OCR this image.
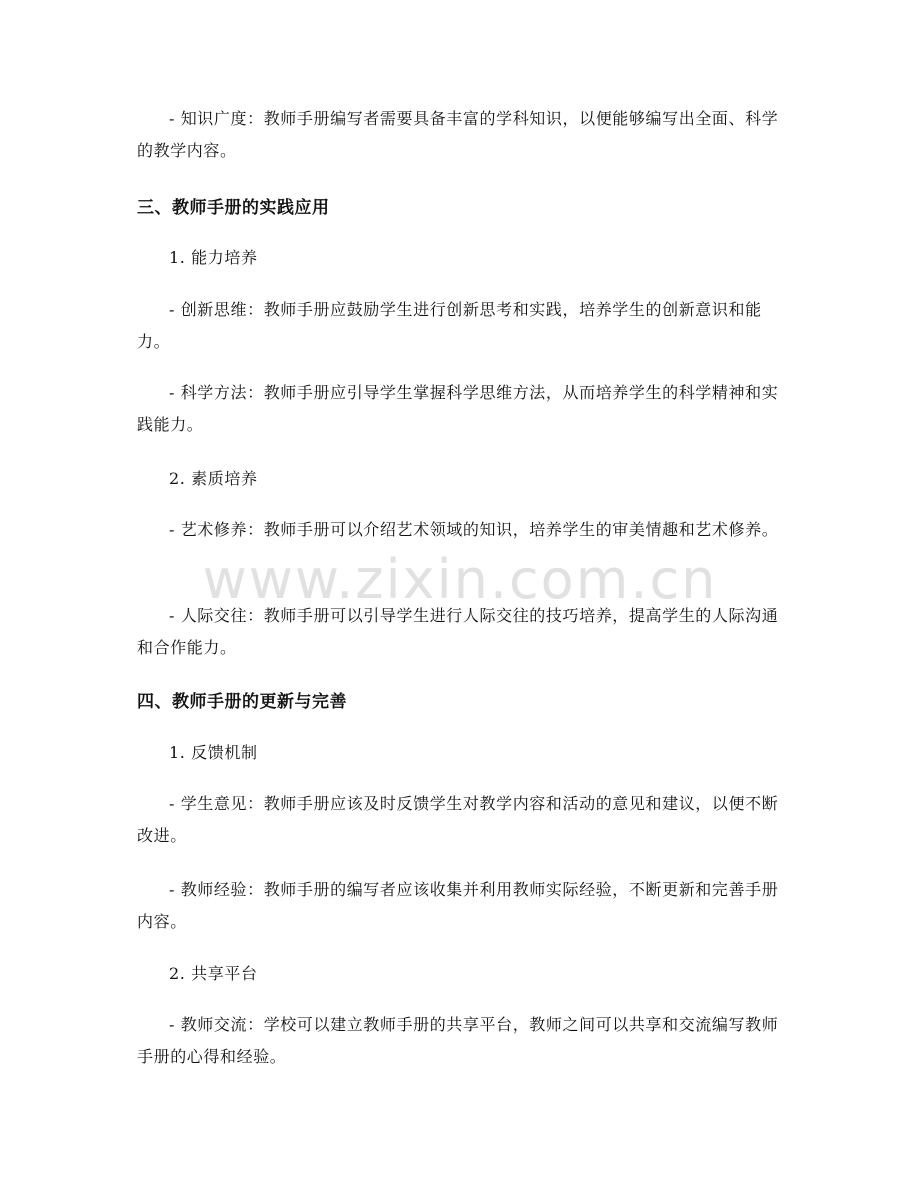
- 知识广度：教师手册编写者需要具备丰富的学科知识，以便能够编写出全面、科学的教学内容。

三、教师手册的实践应用

1. 能力培养

- 创新思维：教师手册应鼓励学生进行创新思考和实践，培养学生的创新意识和能力。

- 科学方法：教师手册应引导学生掌握科学思维方法，从而培养学生的科学精神和实践能力。

2. 素质培养

- 艺术修养：教师手册可以介绍艺术领域的知识，培养学生的审美情趣和艺术修养。

- 人际交往：教师手册可以引导学生进行人际交往的技巧培养，提高学生的人际沟通和合作能力。

四、教师手册的更新与完善

1. 反馈机制

- 学生意见：教师手册应该及时反馈学生对教学内容和活动的意见和建议，以便不断改进。

- 教师经验：教师手册的编写者应该收集并利用教师实际经验，不断更新和完善手册内容。

2. 共享平台

- 教师交流：学校可以建立教师手册的共享平台，教师之间可以共享和交流编写教师手册的心得和经验。

www.zixin.com.cn
